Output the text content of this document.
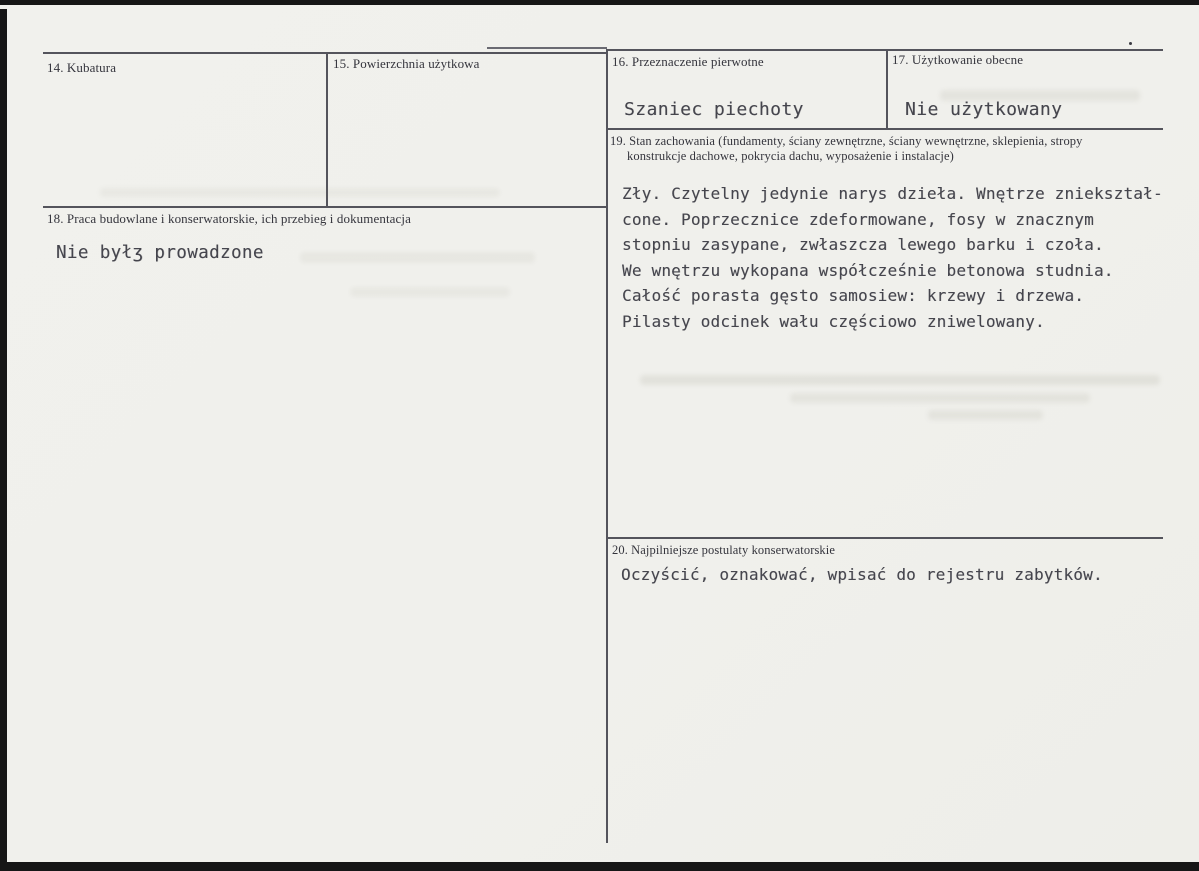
14. Kubatura	15. Powierzchnia użytkowa	16. Przeznaczenie pierwotne
Szaniec piechoty
17. Użytkowanie obecne
Nie użytkowany
19. Stan zachowania (fundamenty, ściany zewnętrzne, ściany wewnętrzne, sklepienia, stropy
konstrukcje dachowe, pokrycia dachu, wyposażenie i instalacje)
Zły. Czytelny jedynie narys dzieła. Wnętrze zniekształ-
cone. Poprzecznice zdeformowane, fosy w znacznym
stopniu zasypane, zwłaszcza lewego barku i czoła.
We wnętrzu wykopana współcześnie betonowa studnia.
Całość porasta gęsto samosiew: krzewy i drzewa.
Pilasty odcinek wału częściowo zniwelowany.
18. Praca budowlane i konserwatorskie, ich przebieg i dokumentacja
Nie byłʒ prowadzone
20. Najpilniejsze postulaty konserwatorskie
Oczyścić, oznakować, wpisać do rejestru zabytków.
